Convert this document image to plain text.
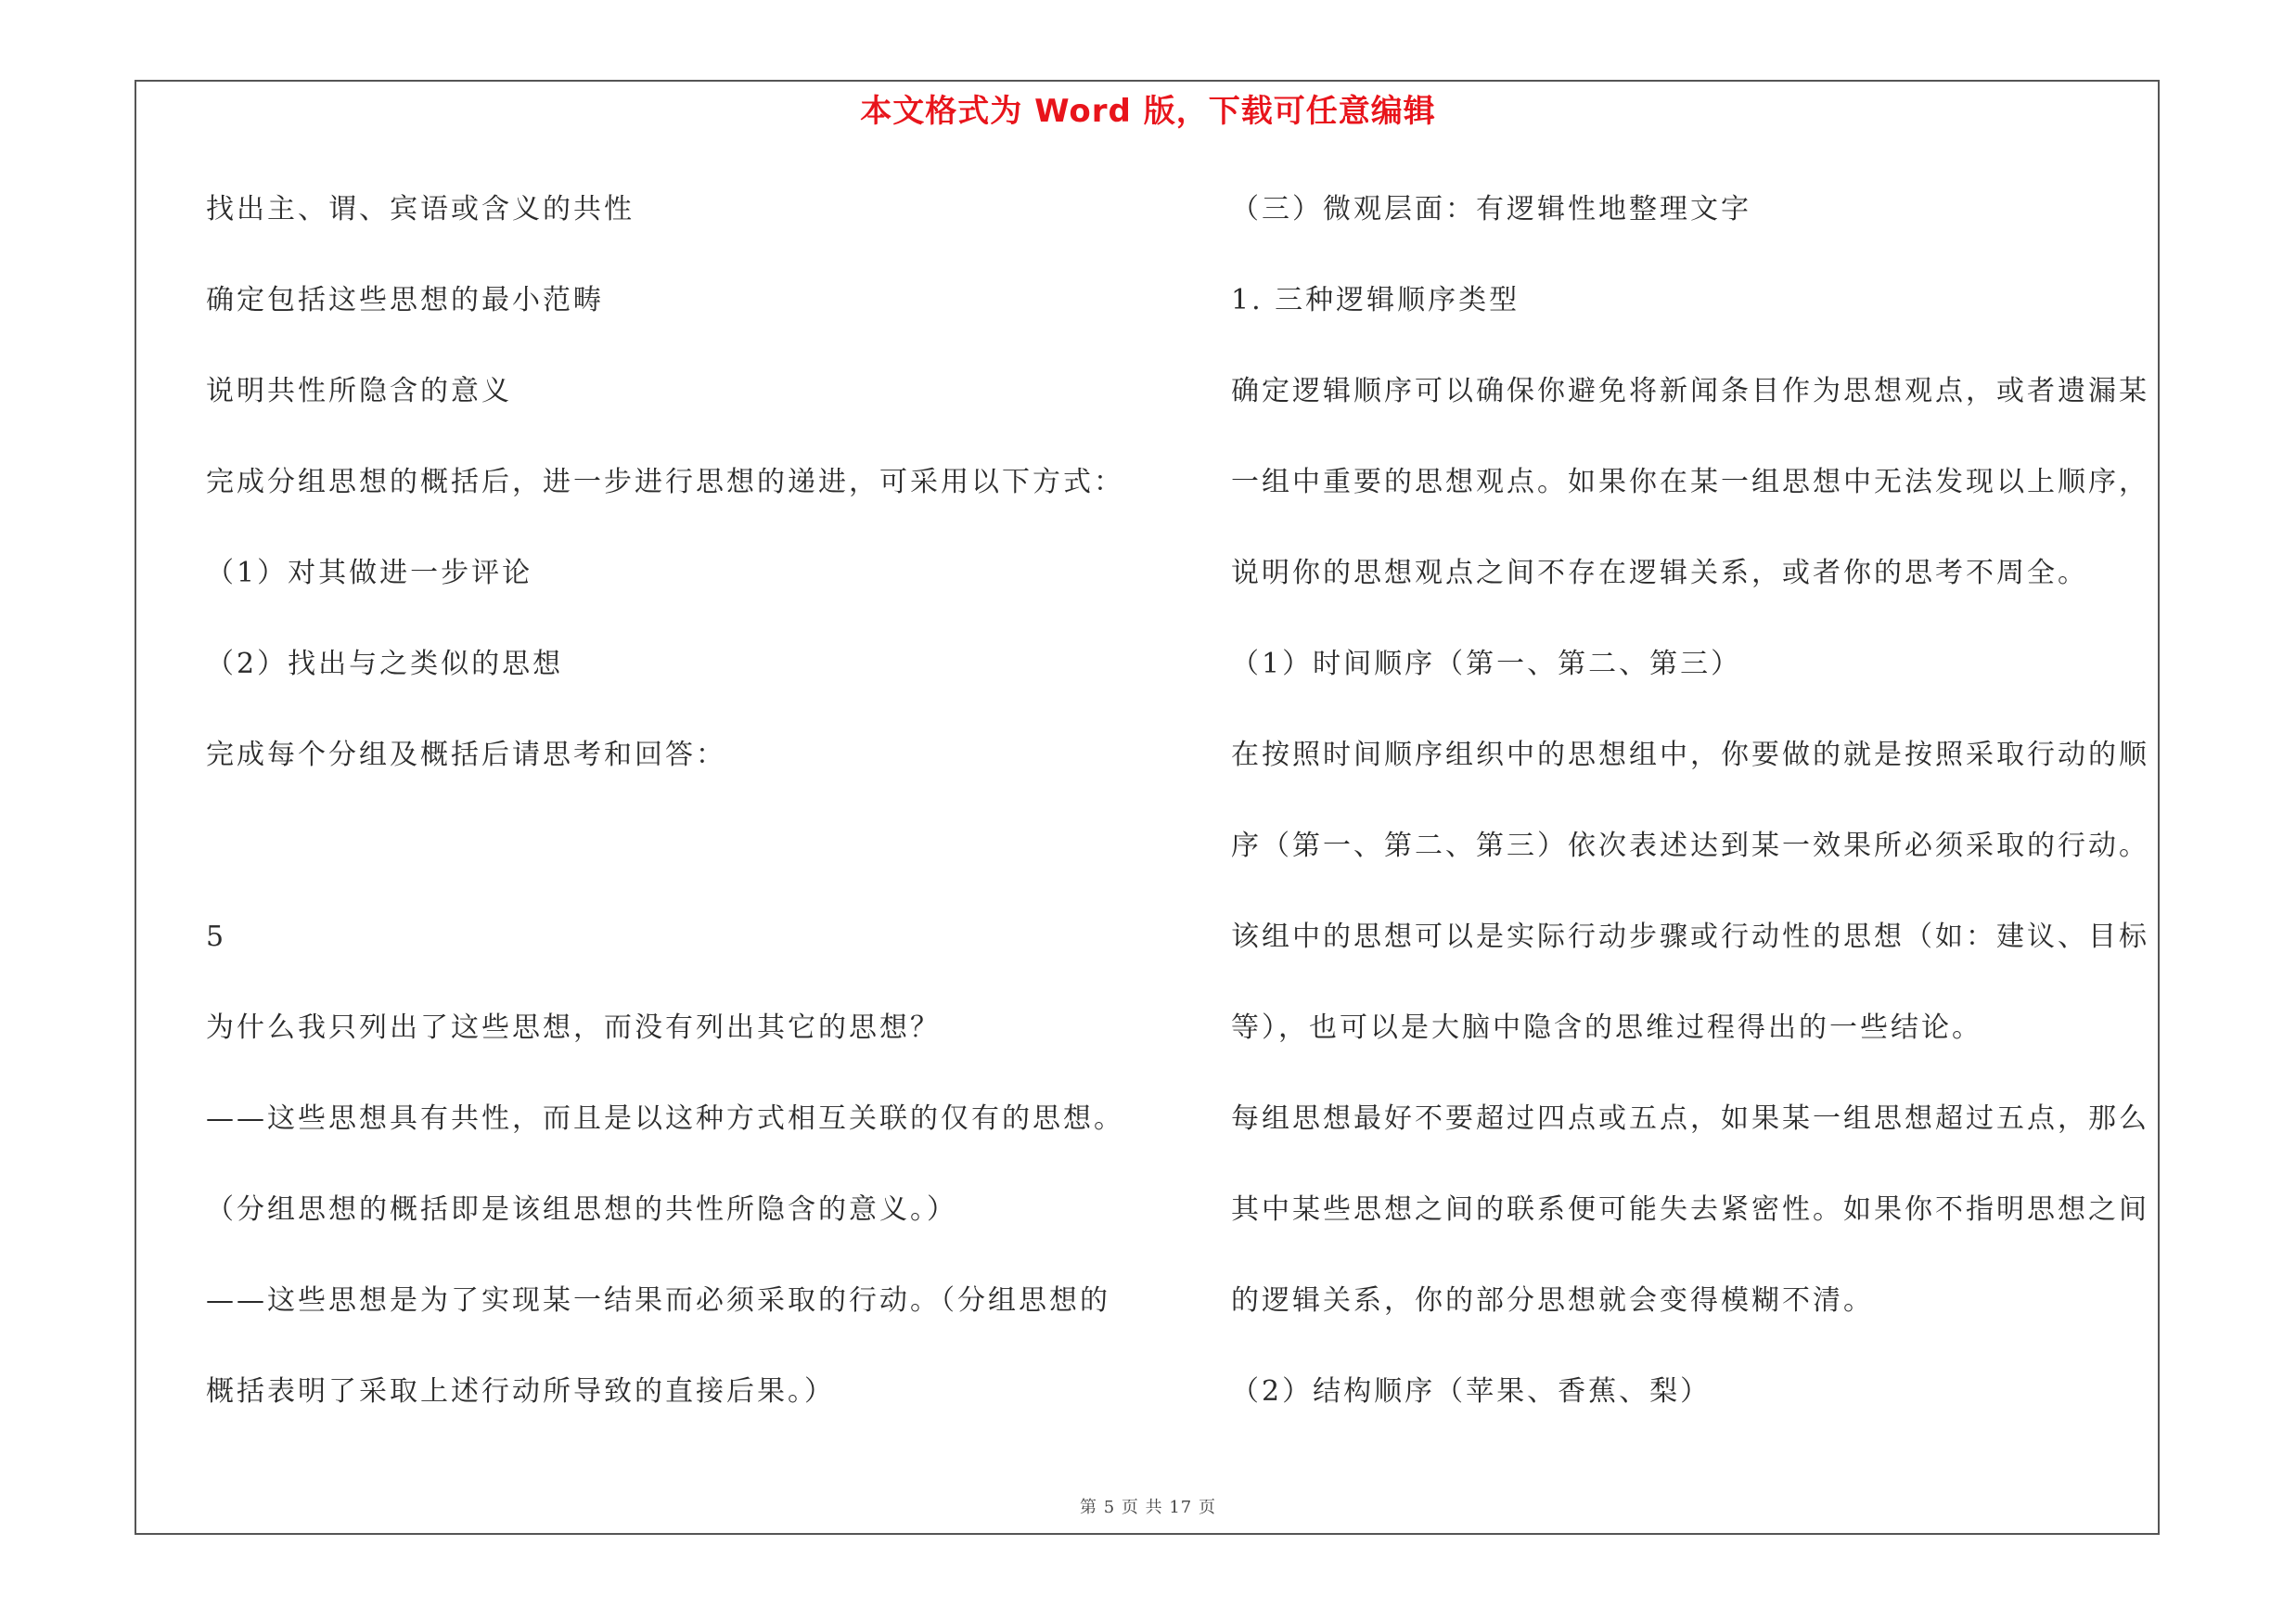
本文格式为 Word 版，下载可任意编辑
找出主、谓、宾语或含义的共性
确定包括这些思想的最小范畴
说明共性所隐含的意义
完成分组思想的概括后，进一步进行思想的递进，可采用以下方式：
（1）对其做进一步评论
（2）找出与之类似的思想
完成每个分组及概括后请思考和回答：
5
为什么我只列出了这些思想，而没有列出其它的思想？
——这些思想具有共性，而且是以这种方式相互关联的仅有的思想。
（分组思想的概括即是该组思想的共性所隐含的意义。）
——这些思想是为了实现某一结果而必须采取的行动。（分组思想的
概括表明了采取上述行动所导致的直接后果。）
（三）微观层面：有逻辑性地整理文字
1. 三种逻辑顺序类型
确定逻辑顺序可以确保你避免将新闻条目作为思想观点，或者遗漏某
一组中重要的思想观点。如果你在某一组思想中无法发现以上顺序，
说明你的思想观点之间不存在逻辑关系，或者你的思考不周全。
（1）时间顺序（第一、第二、第三）
在按照时间顺序组织中的思想组中，你要做的就是按照采取行动的顺
序（第一、第二、第三）依次表述达到某一效果所必须采取的行动。
该组中的思想可以是实际行动步骤或行动性的思想（如：建议、目标
等），也可以是大脑中隐含的思维过程得出的一些结论。
每组思想最好不要超过四点或五点，如果某一组思想超过五点，那么
其中某些思想之间的联系便可能失去紧密性。如果你不指明思想之间
的逻辑关系，你的部分思想就会变得模糊不清。
（2）结构顺序（苹果、香蕉、梨）
第 5 页 共 17 页
